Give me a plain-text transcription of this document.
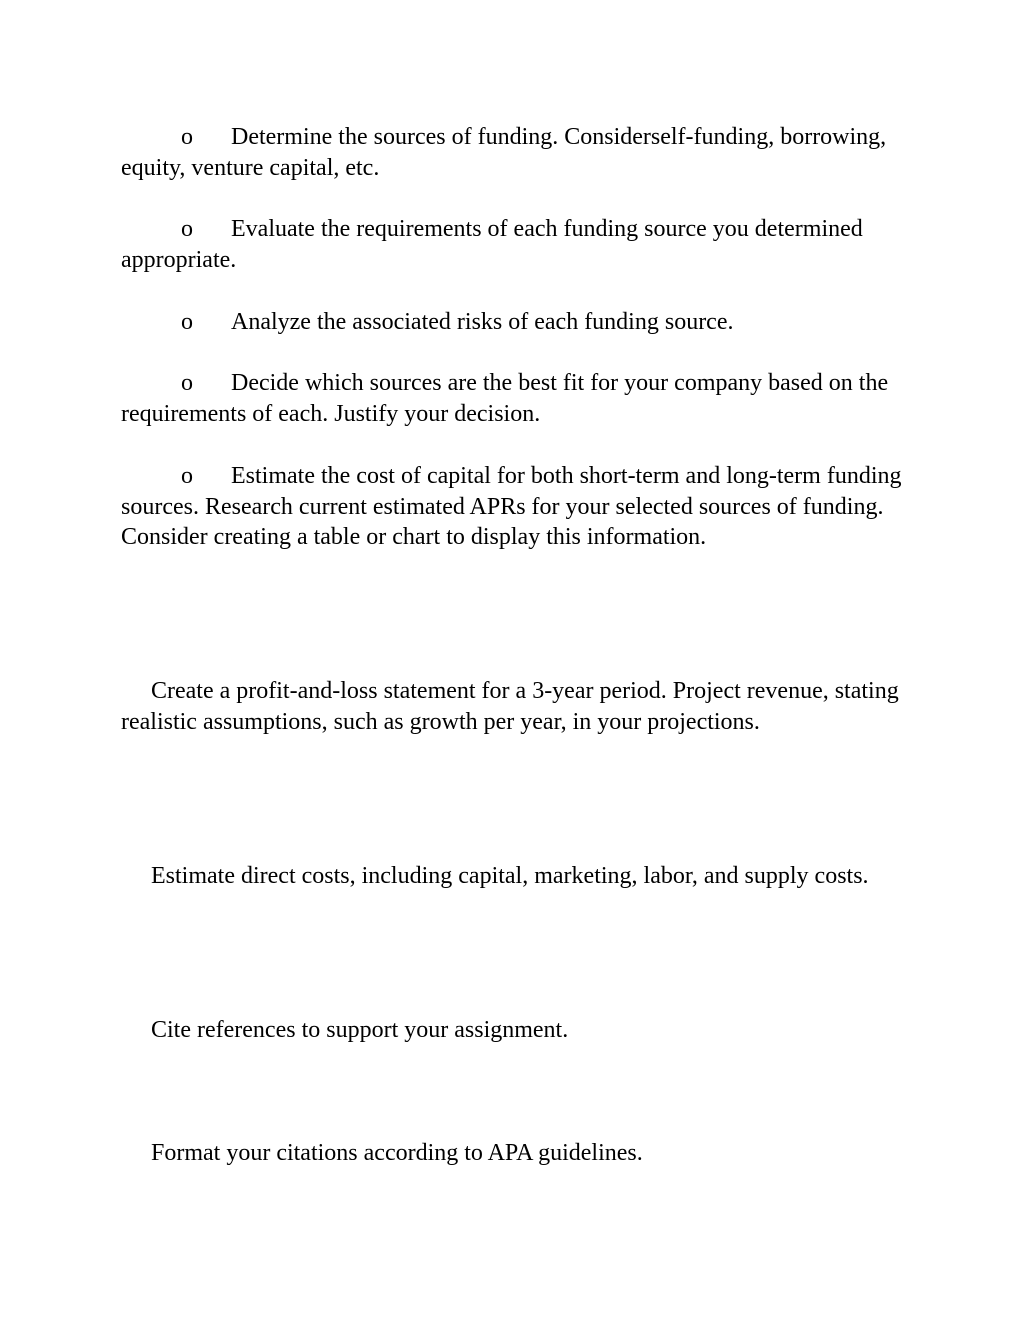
o Determine the sources of funding. Considerself-funding, borrowing, equity, venture capital, etc.

o Evaluate the requirements of each funding source you determined appropriate.

o Analyze the associated risks of each funding source.

o Decide which sources are the best fit for your company based on the requirements of each. Justify your decision.

o Estimate the cost of capital for both short-term and long-term funding sources. Research current estimated APRs for your selected sources of funding. Consider creating a table or chart to display this information.

Create a profit-and-loss statement for a 3-year period. Project revenue, stating realistic assumptions, such as growth per year, in your projections.

Estimate direct costs, including capital, marketing, labor, and supply costs.

Cite references to support your assignment.

Format your citations according to APA guidelines.
